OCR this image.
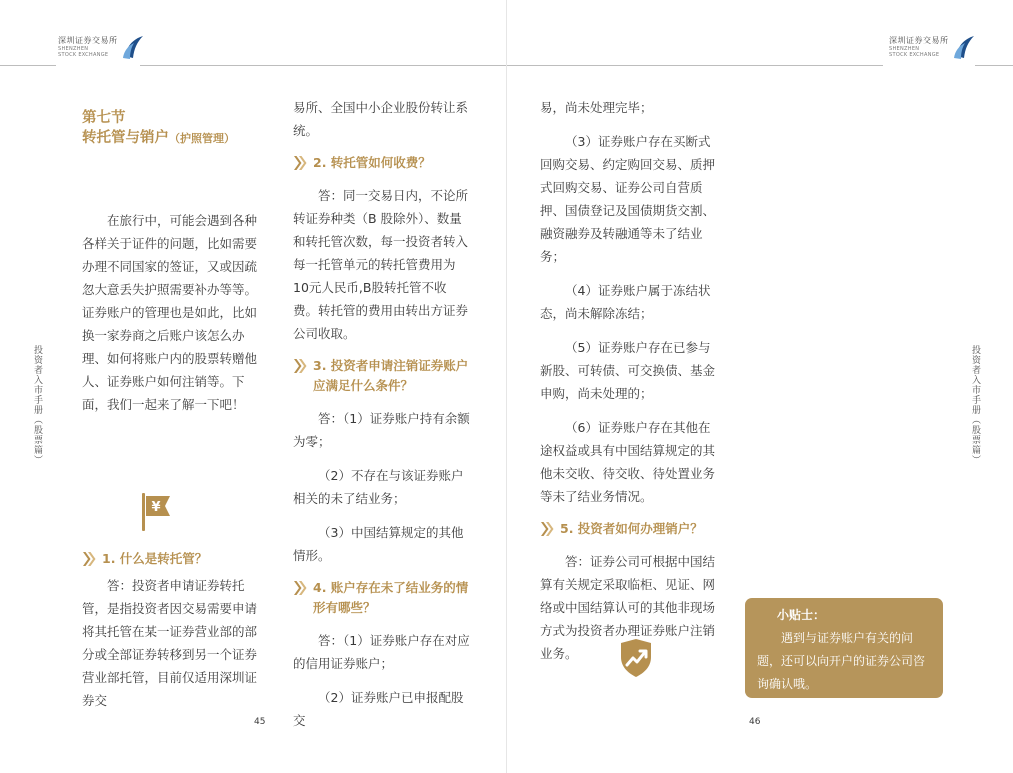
深圳证券交易所
SHENZHEN
STOCK EXCHANGE
深圳证券交易所
SHENZHEN
STOCK EXCHANGE
投资者入市手册（股票篇）	投资者入市手册（股票篇）
第七节
转托管与销户（护照管理）

在旅行中，可能会遇到各种各样关于证件的问题，比如需要办理不同国家的签证，又或因疏忽大意丢失护照需要补办等等。证券账户的管理也是如此，比如换一家券商之后账户该怎么办理、如何将账户内的股票转赠他人、证券账户如何注销等。下面，我们一起来了解一下吧！

¥
1. 什么是转托管？

答：投资者申请证券转托管，是指投资者因交易需要申请将其托管在某一证券营业部的部分或全部证券转移到另一个证券营业部托管，目前仅适用深圳证券交

易所、全国中小企业股份转让系统。

2. 转托管如何收费？

答：同一交易日内，不论所转证券种类（B 股除外）、数量和转托管次数，每一投资者转入每一托管单元的转托管费用为10元人民币,B股转托管不收费。转托管的费用由转出方证券公司收取。

3. 投资者申请注销证券账户应满足什么条件？

答：（1）证券账户持有余额为零；

（2）不存在与该证券账户相关的未了结业务；

（3）中国结算规定的其他情形。

4. 账户存在未了结业务的情形有哪些？

答：（1）证券账户存在对应的信用证券账户；

（2）证券账户已申报配股交

易，尚未处理完毕；

（3）证券账户存在买断式回购交易、约定购回交易、质押式回购交易、证券公司自营质押、国债登记及国债期货交割、融资融券及转融通等未了结业务；

（4）证券账户属于冻结状态，尚未解除冻结；

（5）证券账户存在已参与新股、可转债、可交换债、基金申购，尚未处理的；

（6）证券账户存在其他在途权益或具有中国结算规定的其他未交收、待交收、待处置业务等未了结业务情况。

5. 投资者如何办理销户？

答：证券公司可根据中国结算有关规定采取临柜、见证、网络或中国结算认可的其他非现场方式为投资者办理证券账户注销业务。

小贴士：
遇到与证券账户有关的问题，还可以向开户的证券公司咨询确认哦。
45	46
